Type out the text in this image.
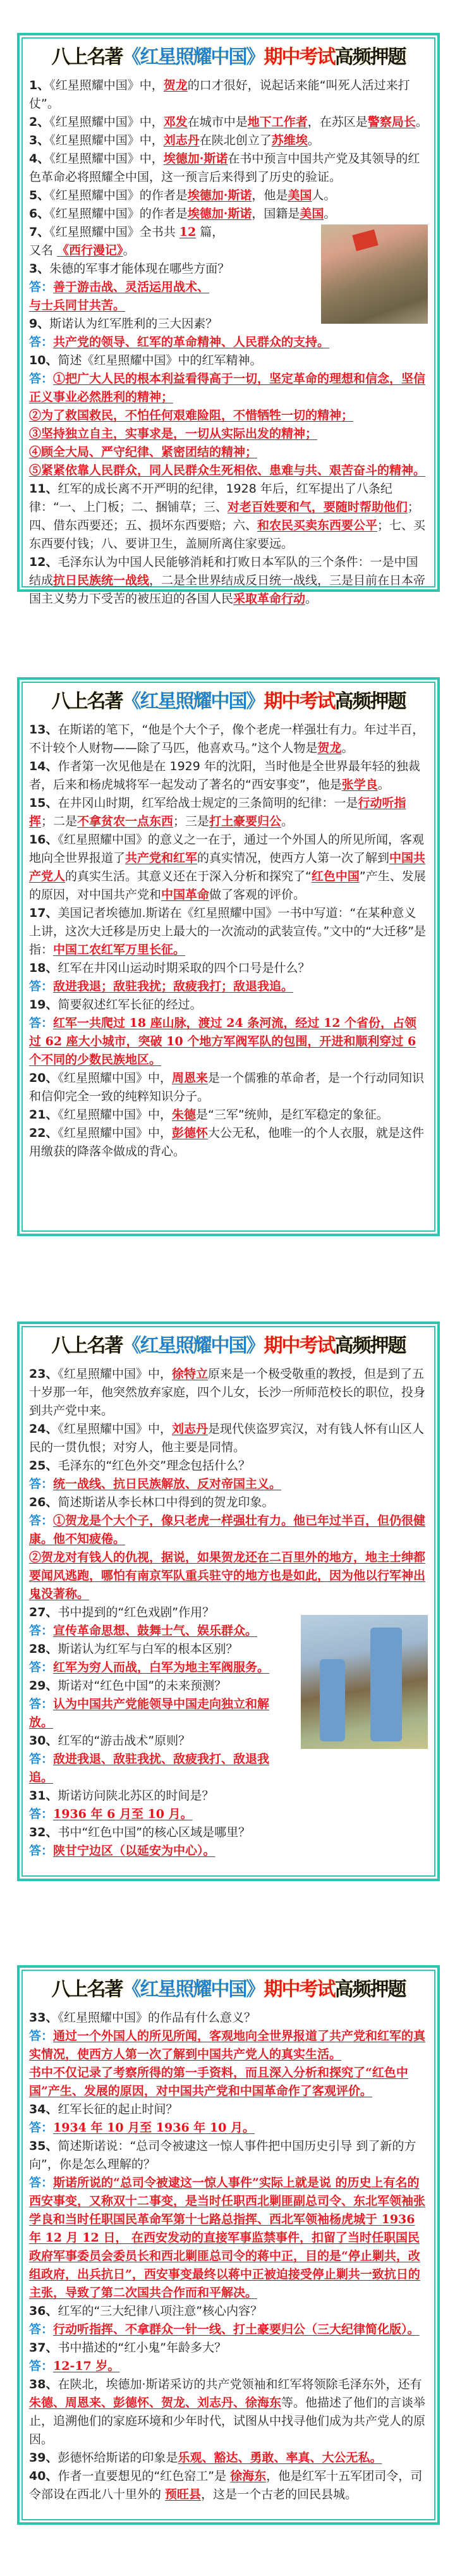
八上名著《红星照耀中国》期中考试高频押题

1、《红星照耀中国》中，贺龙的口才很好，说起话来能“叫死人活过来打仗”。

2、《红星照耀中国》中，邓发在城市中是地下工作者，在苏区是警察局长。

3、《红星照耀中国》中，刘志丹在陕北创立了苏维埃。

4、《红星照耀中国》中，埃德加·斯诺在书中预言中国共产党及其领导的红色革命必将照耀全中国，这一预言后来得到了历史的验证。

5、《红星照耀中国》的作者是埃德加·斯诺，他是美国人。

6、《红星照耀中国》的作者是埃德加·斯诺，国籍是美国。

7、《红星照耀中国》全书共 12 篇，
又名 《西行漫记》。

3、朱德的军事才能体现在哪些方面？

答：善于游击战、灵活运用战术、

与士兵同甘共苦。

9、斯诺认为红军胜利的三大因素？

答：共产党的领导、红军的革命精神、人民群众的支持。

10、简述《红星照耀中国》中的红军精神。

答：①把广大人民的根本利益看得高于一切，坚定革命的理想和信念，坚信正义事业必然胜利的精神；

②为了救国救民，不怕任何艰难险阻，不惜牺牲一切的精神；

③坚持独立自主，实事求是，一切从实际出发的精神；

④顾全大局、严守纪律、紧密团结的精神；

⑤紧紧依靠人民群众，同人民群众生死相依、患难与共、艰苦奋斗的精神。

11、红军的成长离不开严明的纪律，1928 年后，红军提出了八条纪律：“一、上门板；二、捆铺草；三、对老百姓要和气，要随时帮助他们；四、借东西要还；五、损坏东西要赔；六、和农民买卖东西要公平；七、买东西要付钱；八、要讲卫生，盖厕所离住家要远。

12、毛泽东认为中国人民能够消耗和打败日本军队的三个条件：一是中国结成抗日民族统一战线，二是全世界结成反日统一战线，三是目前在日本帝国主义势力下受苦的被压迫的各国人民采取革命行动。

八上名著《红星照耀中国》期中考试高频押题

13、在斯诺的笔下，“他是个大个子，像个老虎一样强壮有力。年过半百，不计较个人财物——除了马匹，他喜欢马。”这个人物是贺龙。

14、作者第一次见他是在 1929 年的沈阳，当时他是全世界最年轻的独裁者，后来和杨虎城将军一起发动了著名的“西安事变”，他是张学良。

15、在井冈山时期，红军给战士规定的三条简明的纪律：一是行动听指挥；二是不拿贫农一点东西；三是打土豪要归公。

16、《红星照耀中国》的意义之一在于，通过一个外国人的所见所闻，客观地向全世界报道了共产党和红军的真实情况，使西方人第一次了解到中国共产党人的真实生活。其意义还在于深入分析和探究了“红色中国”产生、发展的原因，对中国共产党和中国革命做了客观的评价。

17、美国记者埃德加.斯诺在《红星照耀中国》一书中写道：“在某种意义上讲，这次大迁移是历史上最大的一次流动的武装宣传。”文中的“大迁移”是指：中国工农红军万里长征。

18、红军在井冈山运动时期采取的四个口号是什么？

答：敌进我退；敌驻我扰；敌疲我打；敌退我追。

19、简要叙述红军长征的经过。

答：红军一共爬过 18 座山脉，渡过 24 条河流，经过 12 个省份，占领过 62 座大小城市，突破 10 个地方军阀军队的包围，开进和顺利穿过 6 个不同的少数民族地区。

20、《红星照耀中国》中，周恩来是一个儒雅的革命者，是一个行动同知识和信仰完全一致的纯粹知识分子。

21、《红星照耀中国》中，朱德是“三军”统帅，是红军稳定的象征。

22、《红星照耀中国》中，彭德怀大公无私，他唯一的个人衣服，就是这件用缴获的降落伞做成的背心。

八上名著《红星照耀中国》期中考试高频押题

23、《红星照耀中国》中，徐特立原来是一个极受敬重的教授，但是到了五十岁那一年，他突然放弃家庭，四个儿女，长沙一所师范校长的职位，投身到共产党中来。

24、《红星照耀中国》中，刘志丹是现代侠盗罗宾汉，对有钱人怀有山区人民的一贯仇恨；对穷人，他主要是同情。

25、毛泽东的“红色外交”理念包括什么？

答：统一战线、抗日民族解放、反对帝国主义。

26、简述斯诺从李长林口中得到的贺龙印象。

答：①贺龙是个大个子，像只老虎一样强壮有力。他已年过半百，但仍很健康。他不知疲倦。

②贺龙对有钱人的仇视，据说，如果贺龙还在二百里外的地方，地主士绅都要闻风逃跑，哪怕有南京军队重兵驻守的地方也是如此，因为他以行军神出鬼没著称。

27、书中提到的“红色戏剧”作用？

答：宣传革命思想、鼓舞士气、娱乐群众。

28、斯诺认为红军与白军的根本区别？

答：红军为穷人而战，白军为地主军阀服务。

29、斯诺对“红色中国”的未来预测？

答：认为中国共产党能领导中国走向独立和解放。

30、红军的“游击战术”原则？

答：敌进我退、敌驻我扰、敌疲我打、敌退我追。

31、斯诺访问陕北苏区的时间是？

答：1936 年 6 月至 10 月。

32、书中“红色中国”的核心区域是哪里？

答：陕甘宁边区（以延安为中心）。

八上名著《红星照耀中国》期中考试高频押题

33、《红星照耀中国》的作品有什么意义？

答：通过一个外国人的所见所闻，客观地向全世界报道了共产党和红军的真实情况，使西方人第一次了解到中国共产党人的真实生活。

书中不仅记录了考察所得的第一手资料，而且深入分析和探究了“红色中国”产生、发展的原因，对中国共产党和中国革命作了客观评价。

34、红军长征的起止时间？

答：1934 年 10 月至 1936 年 10 月。

35、简述斯诺说：“总司令被逮这一惊人事件把中国历史引导 到了新的方向”，你是怎么理解的？

答：斯诺所说的“总司令被逮这一惊人事件”实际上就是说 的历史上有名的西安事变，又称双十二事变，是当时任职西北剿匪副总司令、东北军领袖张学良和当时任职国民革命军第十七路总指挥、西北军领袖杨虎城于 1936 年 12 月 12 日， 在西安发动的直接军事监禁事件，扣留了当时任职国民政府军事委员会委员长和西北剿匪总司令的蒋中正，目的是“停止剿共，改组政府，出兵抗日”，西安事变最终以蒋中正被迫接受停止剿共一致抗日的主张，导致了第二次国共合作而和平解决。

36、红军的“三大纪律八项注意”核心内容？

答：行动听指挥、不拿群众一针一线、打土豪要归公（三大纪律简化版）。

37、书中描述的“红小鬼”年龄多大？

答：12-17 岁。

38、在陕北，埃德加·斯诺采访的共产党领袖和红军将领除毛泽东外，还有朱德、周恩来、彭德怀、贺龙、刘志丹、徐海东等。他描述了他们的言谈举止，追溯他们的家庭环境和少年时代，试图从中找寻他们成为共产党人的原因。

39、彭德怀给斯诺的印象是乐观、豁达、勇敢、率真、大公无私。

40、作者一直要想见的“红色窑工”是 徐海东，他是红军十五军团司令，司令部设在西北八十里外的 预旺县，这是一个古老的回民县城。
